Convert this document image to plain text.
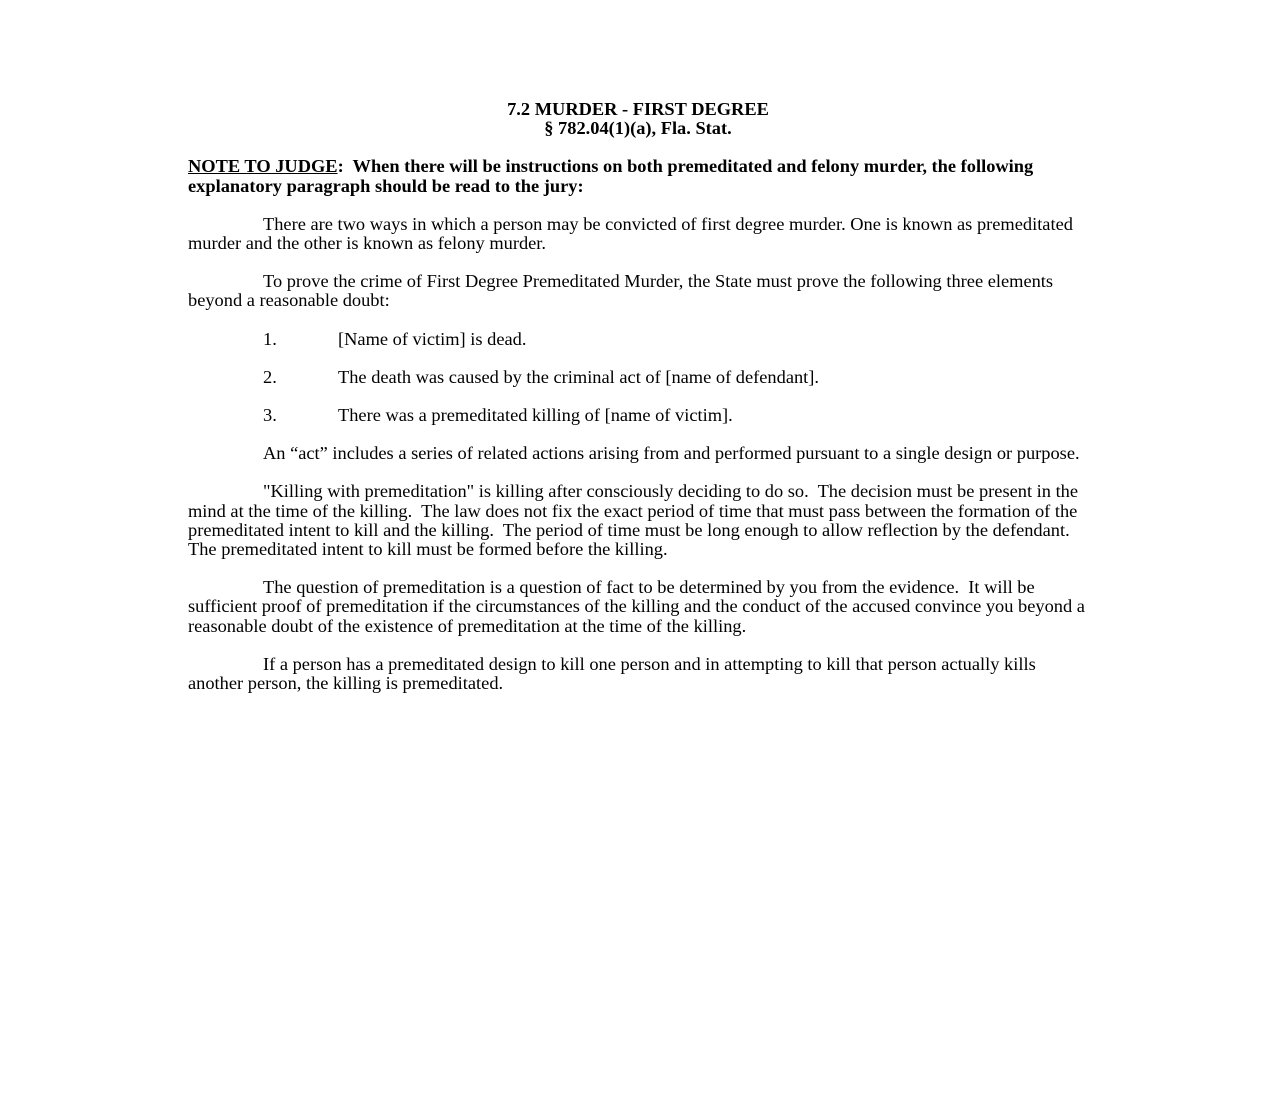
7.2 MURDER - FIRST DEGREE
§ 782.04(1)(a), Fla. Stat.
NOTE TO JUDGE:  When there will be instructions on both premeditated and felony murder, the following explanatory paragraph should be read to the jury:

There are two ways in which a person may be convicted of first degree murder. One is known as premeditated murder and the other is known as felony murder.

To prove the crime of First Degree Premeditated Murder, the State must prove the following three elements beyond a reasonable doubt:

1.	[Name of victim] is dead.
2.	The death was caused by the criminal act of [name of defendant].
3.	There was a premeditated killing of [name of victim].

An “act” includes a series of related actions arising from and performed pursuant to a single design or purpose.

"Killing with premeditation" is killing after consciously deciding to do so.  The decision must be present in the mind at the time of the killing.  The law does not fix the exact period of time that must pass between the formation of the premeditated intent to kill and the killing.  The period of time must be long enough to allow reflection by the defendant.  The premeditated intent to kill must be formed before the killing.

The question of premeditation is a question of fact to be determined by you from the evidence.  It will be sufficient proof of premeditation if the circumstances of the killing and the conduct of the accused convince you beyond a reasonable doubt of the existence of premeditation at the time of the killing.

If a person has a premeditated design to kill one person and in attempting to kill that person actually kills another person, the killing is premeditated.
